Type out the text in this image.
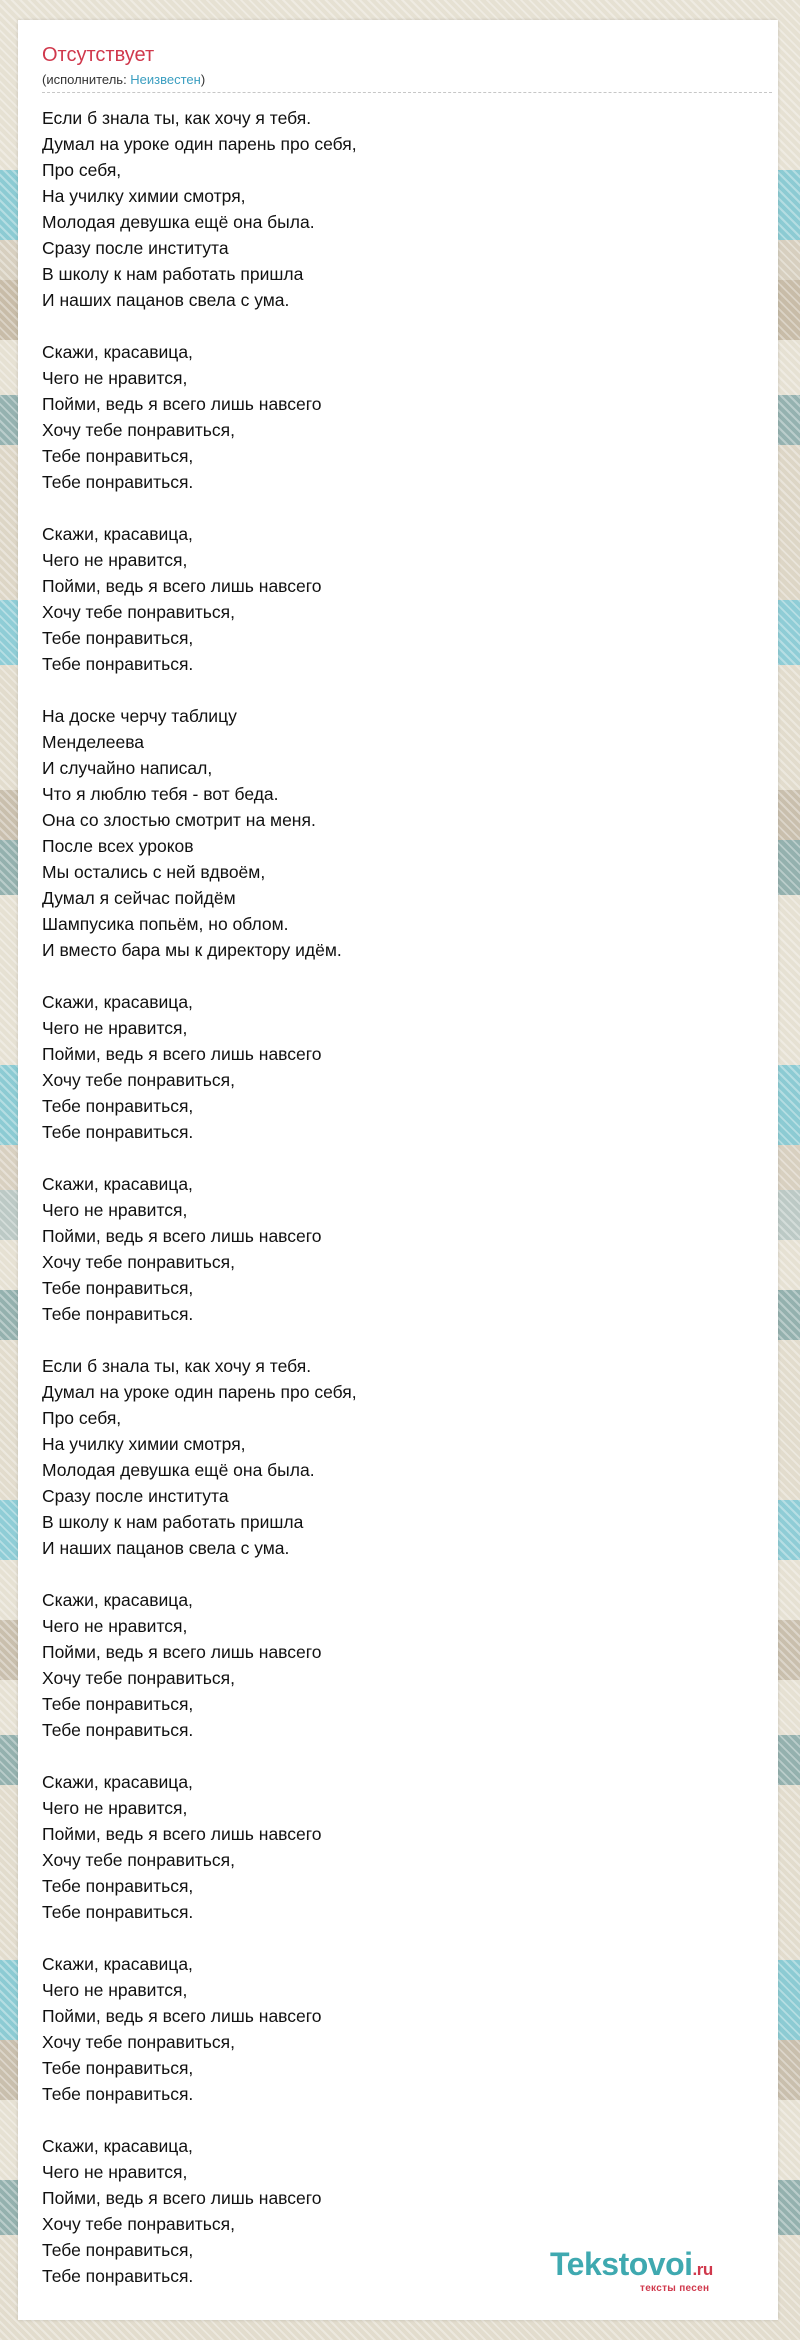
Отсутствует
(исполнитель: Неизвестен)
Если б знала ты, как хочу я тебя.
Думал на уроке один парень про себя,
Про себя,
На училку химии смотря,
Молодая девушка ещё она была.
Сразу после института
В школу к нам работать пришла
И наших пацанов свела с ума.
Скажи, красавица,
Чего не нравится,
Пойми, ведь я всего лишь навсего
Хочу тебе понравиться,
Тебе понравиться,
Тебе понравиться.
Скажи, красавица,
Чего не нравится,
Пойми, ведь я всего лишь навсего
Хочу тебе понравиться,
Тебе понравиться,
Тебе понравиться.
На доске черчу таблицу
Менделеева
И случайно написал,
Что я люблю тебя - вот беда.
Она со злостью смотрит на меня.
После всех уроков
Мы остались с ней вдвоём,
Думал я сейчас пойдём
Шампусика попьём, но облом.
И вместо бара мы к директору идём.
Скажи, красавица,
Чего не нравится,
Пойми, ведь я всего лишь навсего
Хочу тебе понравиться,
Тебе понравиться,
Тебе понравиться.
Скажи, красавица,
Чего не нравится,
Пойми, ведь я всего лишь навсего
Хочу тебе понравиться,
Тебе понравиться,
Тебе понравиться.
Если б знала ты, как хочу я тебя.
Думал на уроке один парень про себя,
Про себя,
На училку химии смотря,
Молодая девушка ещё она была.
Сразу после института
В школу к нам работать пришла
И наших пацанов свела с ума.
Скажи, красавица,
Чего не нравится,
Пойми, ведь я всего лишь навсего
Хочу тебе понравиться,
Тебе понравиться,
Тебе понравиться.
Скажи, красавица,
Чего не нравится,
Пойми, ведь я всего лишь навсего
Хочу тебе понравиться,
Тебе понравиться,
Тебе понравиться.
Скажи, красавица,
Чего не нравится,
Пойми, ведь я всего лишь навсего
Хочу тебе понравиться,
Тебе понравиться,
Тебе понравиться.
Скажи, красавица,
Чего не нравится,
Пойми, ведь я всего лишь навсего
Хочу тебе понравиться,
Тебе понравиться,
Тебе понравиться.	Tekstovoi.ru
тексты песен
